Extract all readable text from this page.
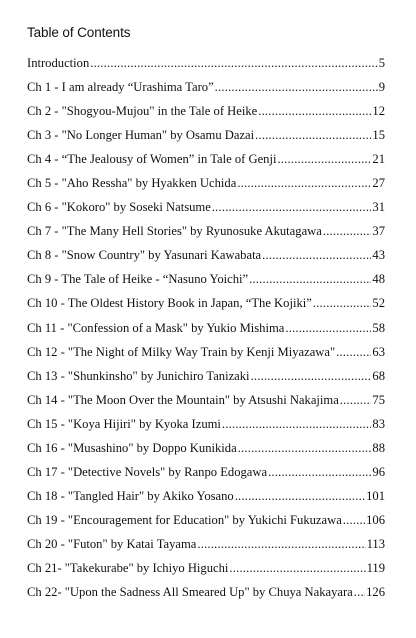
Table of Contents
Introduction .....	5
Ch 1 - I am already “Urashima Taro” .....	9
Ch 2 - "Shogyou-Mujou" in the Tale of Heike .....	12
Ch 3 - "No Longer Human" by Osamu Dazai .....	15
Ch 4 - “The Jealousy of Women” in Tale of Genji .....	21
Ch 5 - "Aho Ressha" by Hyakken Uchida .....	27
Ch 6 - "Kokoro" by Soseki Natsume .....	31
Ch 7 - "The Many Hell Stories" by Ryunosuke Akutagawa .....	37
Ch 8 - "Snow Country" by Yasunari Kawabata .....	43
Ch 9 - The Tale of Heike - “Nasuno Yoichi” .....	48
Ch 10 - The Oldest History Book in Japan, “The Kojiki” .....	52
Ch 11 - "Confession of a Mask" by Yukio Mishima .....	58
Ch 12 - "The Night of Milky Way Train by Kenji Miyazawa" .....	63
Ch 13 - "Shunkinsho" by Junichiro Tanizaki .....	68
Ch 14 - "The Moon Over the Mountain" by Atsushi Nakajima .....	75
Ch 15 - "Koya Hijiri" by Kyoka Izumi .....	83
Ch 16 - "Musashino" by Doppo Kunikida .....	88
Ch 17 - "Detective Novels" by Ranpo Edogawa .....	96
Ch 18 - "Tangled Hair" by Akiko Yosano .....	101
Ch 19 - "Encouragement for Education" by Yukichi Fukuzawa ..... 106
Ch 20 - "Futon" by Katai Tayama .....	113
Ch 21- "Takekurabe" by Ichiyo Higuchi .....	119
Ch 22- "Upon the Sadness All Smeared Up" by Chuya Nakayara ..... 126
